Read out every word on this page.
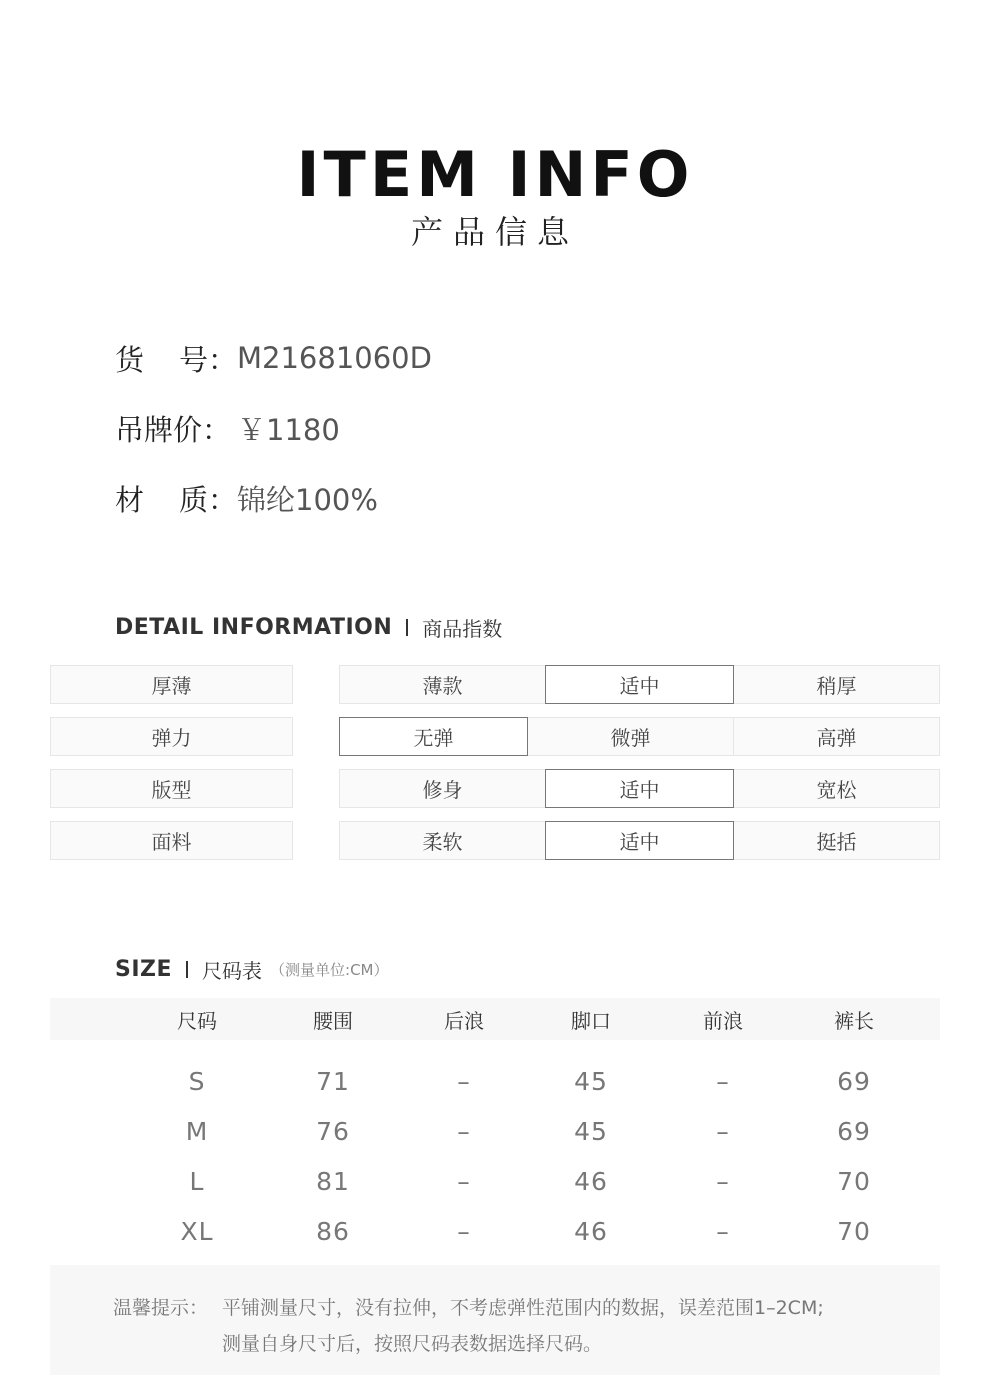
ITEM INFO
产品信息
货 号 ： M21681060D
吊牌价 ： ￥1180
材 质 ： 锦纶100%
DETAIL INFORMATION 商品指数
厚薄	薄款	适中	稍厚
弹力	无弹	微弹	高弹
版型	修身	适中	宽松
面料	柔软	适中	挺括
SIZE 尺码表 （测量单位:CM）
尺码	腰围	后浪	脚口	前浪	裤长
S	71	–	45	–	69
M	76	–	45	–	69
L	81	–	46	–	70
XL	86	–	46	–	70
温馨提示： 平铺测量尺寸，没有拉伸，不考虑弹性范围内的数据，误差范围1–2CM;
测量自身尺寸后，按照尺码表数据选择尺码。
